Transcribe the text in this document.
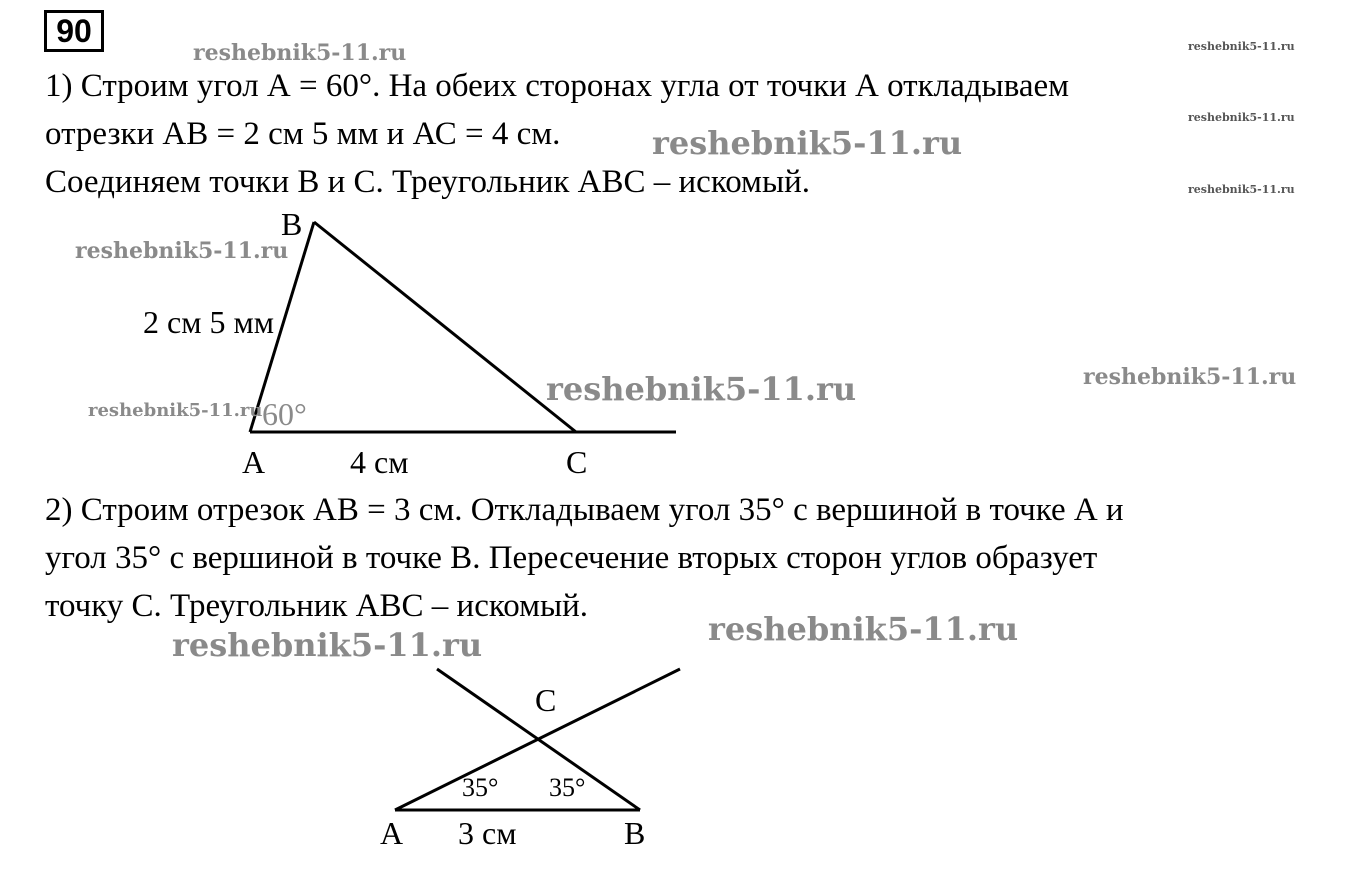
90
1) Строим угол А = 60°. На обеих сторонах угла от точки А откладываем
отрезки АВ = 2 см 5 мм и АС = 4 см.
Соединяем точки В и С. Треугольник АВС – искомый.
B
2 см 5 мм
60°
A	4 см	C
2) Строим отрезок АВ = 3 см. Откладываем угол 35° с вершиной в точке А и
угол 35° с вершиной в точке В. Пересечение вторых сторон углов образует
точку С. Треугольник АВС – искомый.
C
35° 35°
A 3 см	B
reshebnik5-11.ru	reshebnik5-11.ru
reshebnik5-11.ru
reshebnik5-11.ru
reshebnik5-11.ru
reshebnik5-11.ru
reshebnik5-11.ru	reshebnik5-11.ru
reshebnik5-11.ru
reshebnik5-11.ru	reshebnik5-11.ru
